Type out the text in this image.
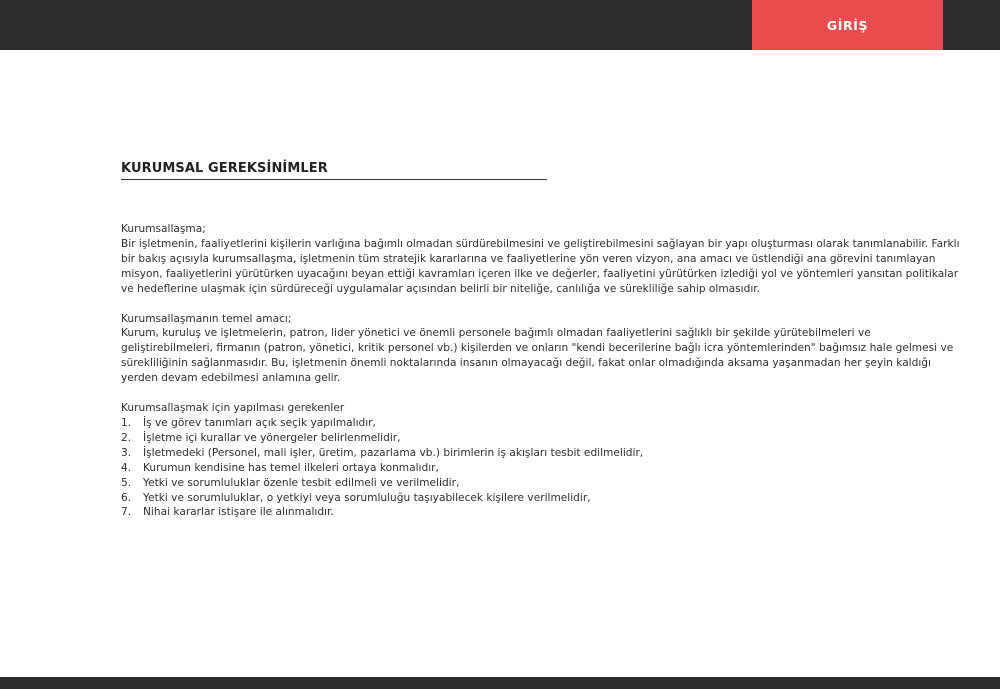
GİRİŞ
KURUMSAL GEREKSİNİMLER

Kurumsallaşma;

Bir işletmenin, faaliyetlerini kişilerin varlığına bağımlı olmadan sürdürebilmesini ve geliştirebilmesini sağlayan bir yapı oluşturması olarak tanımlanabilir. Farklı bir bakış açısıyla kurumsallaşma, işletmenin tüm stratejik kararlarına ve faaliyetlerine yön veren vizyon, ana amacı ve üstlendiği ana görevini tanımlayan misyon, faaliyetlerini yürütürken uyacağını beyan ettiği kavramları içeren ilke ve değerler, faaliyetini yürütürken izlediği yol ve yöntemleri yansıtan politikalar ve hedeflerine ulaşmak için sürdüreceği uygulamalar açısından belirli bir niteliğe, canlılığa ve sürekliliğe sahip olmasıdır.

Kurumsallaşmanın temel amacı;

Kurum, kuruluş ve işletmelerin, patron, lider yönetici ve önemli personele bağımlı olmadan faaliyetlerini sağlıklı bir şekilde yürütebilmeleri ve geliştirebilmeleri, firmanın (patron, yönetici, kritik personel vb.) kişilerden ve onların "kendi becerilerine bağlı icra yöntemlerinden" bağımsız hale gelmesi ve sürekliliğinin sağlanmasıdır. Bu, işletmenin önemli noktalarında insanın olmayacağı değil, fakat onlar olmadığında aksama yaşanmadan her şeyin kaldığı yerden devam edebilmesi anlamına gelir.

Kurumsallaşmak için yapılması gerekenler

1.	İş ve görev tanımları açık seçik yapılmalıdır,
2.	İşletme içi kurallar ve yönergeler belirlenmelidir,
3.	İşletmedeki (Personel, mali işler, üretim, pazarlama vb.) birimlerin iş akışları tesbit edilmelidir,
4.	Kurumun kendisine has temel ilkeleri ortaya konmalıdır,
5.	Yetki ve sorumluluklar özenle tesbit edilmeli ve verilmelidir,
6.	Yetki ve sorumluluklar, o yetkiyi veya sorumluluğu taşıyabilecek kişilere verilmelidir,
7.	Nihai kararlar istişare ile alınmalıdır.
